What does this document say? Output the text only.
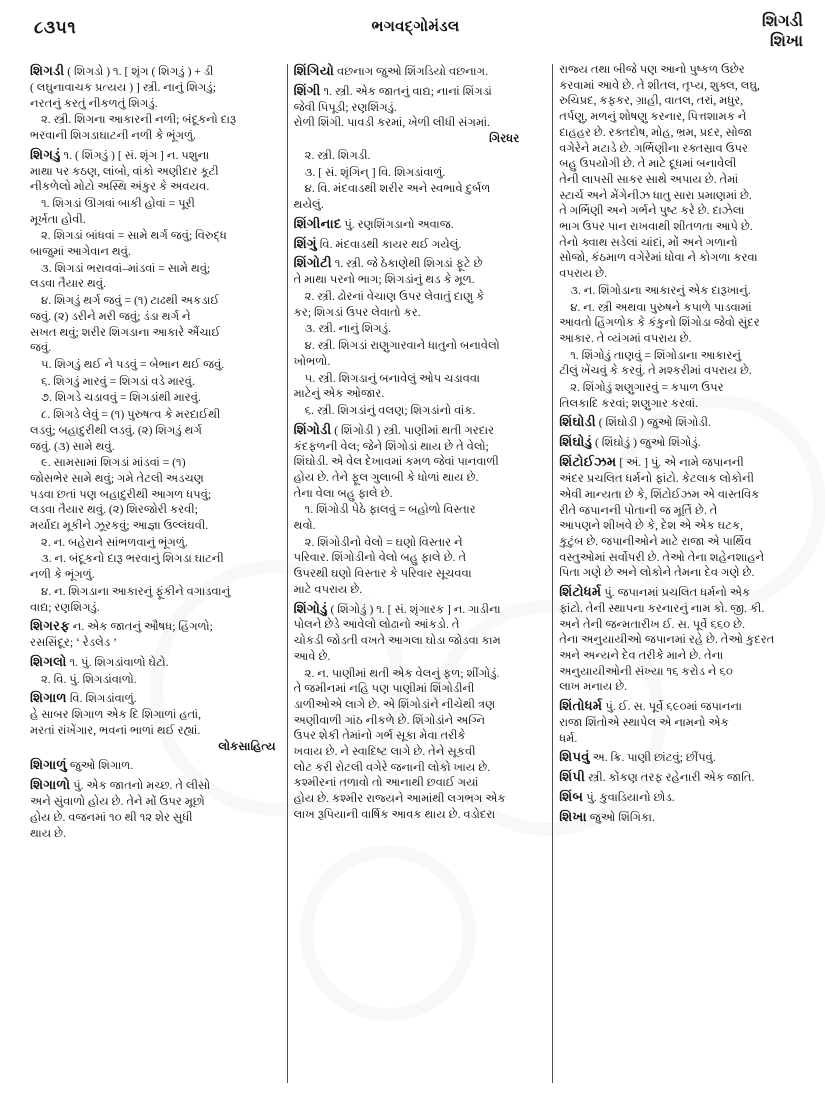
૮૩૫૧	ભગવદ્ગોમંડલ	શિગડી
શિખા
શિગડી ( શિગડો ) ૧. [ શૃંગ ( શિગડું ) + ડી
( લઘુનાવાચક પ્રત્યય ) ] સ્ત્રી. નાનું શિગડું;
નરતનું કરતું નીકળતું શિગડું.
૨. સ્ત્રી. શિગના આકારની નળી; બંદૂકનો દારૂ
ભરવાની શિગડાઘાટની નળી કે ભૂંગળું.
શિગડું ૧. ( શિંગડું ) [ સં. શૃંગ ] ન. પશુના
માથા પર કઠણ, લાંબો, વાંકો અણીદાર કૂટી
નીકળેલો મોટો અસ્થિ અંકુર કે અવયવ.
૧. શિગડાં ઊગવાં બાકી હોવાં = પૂરી
મૂર્ખતા હોવી.
૨. શિગડાં બાંધવાં = સામે થર્ગ જવું; વિરુદ્ધ
બાજુમાં આગેવાન થવું.
૩. શિગડાં ભરાવવાં–માંડવાં = સામે થવું;
લડવા તૈયાર થવું.
૪. શિગડું થર્ગ જવું = (૧) ટાઢથી અકડાઈ
જવું. (૨) ડરીને મરી જવું; ડંડા થર્ગ ને
સખત થવું; શરીર શિગડાના આકારે ઐંચાઈ
જવું.
૫. શિગડું થઈ ને પડવું = બેભાન થઈ જવું.
૬. શિગડું મારવું = શિગડાં વડે મારવું.
૭. શિગડે ચડાવવું = શિગડાંથી મારવું.
૮. શિગડે લેવું = (૧) પુરુષત્વ કે મરદાઈથી
લડવું; બહાદુરીથી લડવું. (૨) શિગડું થર્ગ
જવું. (૩) સામે થવું.
૯. સામસામાં શિગડાં માંડવાં = (૧)
જોસભેર સામે થવું; ગમે તેટલી અડચણ
પડવા છતાં પણ બહાદુરીથી આગળ ધપવું;
લડવા તૈયાર થવું. (૨) શિરજોરી કરવી;
મર્યાદા મૂકીને ઝૂરકવું; આજ્ઞા ઉલ્લંઘવી.
૨. ન. બહેરાને સાંભળવાનું ભૂંગળું.
૩. ન. બંદૂકનો દારૂ ભરવાનું શિગડા ઘાટની
નળી કે ભૂંગળું.
૪. ન. શિગડાના આકારનું ફૂંકીને વગાડવાનું
વાદ્ય; રણશિગડું.
શિગરફ ન. એક જાતનું ઔષધ; હિંગળો;
રસસિંદૂર; ‘ રેડલેડ ’
શિગલો ૧. પું. શિગડાંવાળો ઘેટો.
૨. વિ. પું. શિગડાંવાળો.
શિગાળ વિ. શિગડાંવાળું.
હે સાબર શિગાળ એક દિ શિગાળાં હતાં,
મરતાં રાંખેંગાર, ભવનાં ભાળાં થઈ રહ્યાં.
લોકસાહિત્ય
શિગાળું જુઓ શિગાળ.
શિગાળો પું. એક જાતનો મચ્છ. તે લીસો
અને સુંવાળો હોય છે. તેને મોં ઉપર મૂછો
હોય છે. વજનમાં ૧૦ થી ૧૨ શેર સુધી
થાય છે.
શિંગિયો વછનાગ જુઓ શિંગડિયો વછનાગ.
શિંગી ૧. સ્ત્રી. એક જાતનું વાદ્ય; નાનાં શિંગડાં
જેવી પિપૂડી; રણશિંગડું.
રોળી શિંગી. પાવડી કરમાં, ખેળી લીધી સંગમાં.
ગિરધર
૨. સ્ત્રી. શિગડી.
૩. [ સં. શૃંગિન્ ] વિ. શિગડાંવાળું.
૪. વિ. મંદવાડથી શરીર અને સ્વભાવે દુર્બળ
થયેલું.
શિંગીનાદ પું. રણશિંગડાનો અવાજ.
શિંગું વિ. મંદવાડથી કાયર થઈ ગયેલું.
શિંગોટી ૧. સ્ત્રી. જે ઠેકાણેથી શિગડાં ફૂટે છે
તે માથા પરનો ભાગ; શિગડાંનું થડ કે મૂળ.
૨. સ્ત્રી. ઢોરનાં વેચાણ ઉપર લેવાતું દાણુ કે
કર; શિગડાં ઉપર લેવાતો કર.
૩. સ્ત્રી. નાનું શિગડું.
૪. સ્ત્રી. શિગડાં રાણુગારવાને ધાતુનો બનાવેલો
ખોભળો.
૫. સ્ત્રી. શિગડાનું બનાવેલું ઓપ ચડાવવા
માટેનું એક ઓજાર.
૬. સ્ત્રી. શિગડાંનું વલણ; શિગડાંનો વાંક.
શિંગોડી ( શિંગોડી ) સ્ત્રી. પાણીમાં થતી ગરદાર
કંદફળની વેલ; જેને શિંગોડાં થાય છે તે વેલો;
શિંઘોડી. એ વેલ દેખાવમાં કમળ જેવાં પાનવાળી
હોય છે. તેને ફૂલ ગુલાબી કે ધોળાં થાય છે.
તેના વેલા બહુ ફાલે છે.
૧. શિંગોડી પેઠે ફાલવું = બહોળો વિસ્તાર
થવો.
૨. શિંગોડીનો વેલો = ઘણો વિસ્તાર ને
પરિવાર. શિંગોડીનો વેલો બહુ ફાલે છે. તે
ઉપરથી ઘણો વિસ્તાર કે પરિવાર સૂચવવા
માટે વપરાય છે.
શિંગોડું ( શિંગોડું ) ૧. [ સં. શૃંગારક ] ન. ગાડીના
પોલને છેડે આવેલો લોઢાનો આંકડો. તે
ચોકડી જોડતી વખતે આગલા ઘોડા જોડવા કામ
આવે છે.
૨. ન. પાણીમાં થતી એક વેલનું ફળ; શીંગોડું.
તે જમીનમાં નહિ પણ પાણીમાં શિંગોડીની
ડાળીઓએ લાગે છે. એ શિંગોડાંને નીચેથી ત્રણ
અણીવાળી ગાંઠ નીકળે છે. શિંગોડાંને અગ્નિ
ઉપર શેકી તેમાંનો ગર્ભ સૂકા મેવા તરીકે
ખવાય છે. ને સ્વાદિષ્ટ લાગે છે. તેને સૂકવી
લોટ કરી રોટલી વગેરે જનાની લોકો ખાય છે.
કશ્મીરનાં તળાવો તો આનાથી છવાઈ ગયાં
હોય છે. કશ્મીર રાજ્યને આમાંથી લગભગ એક
લાખ રૂપિયાની વાર્ષિક આવક થાય છે. વડોદરા
રાજ્ય તથા બીજે પણ આનો પુષ્કળ ઉછેર
કરવામાં આવે છે. તે શીતલ, તૃપ્ય, શુક્લ, લઘુ,
રુચિપ્રદ, કફકર, ગ્રાહી, વાતલ, તરાં, મધુર,
તર્પણુ, મળનું શોષણુ કરનાર, પિત્તશામક ને
દાહહર છે. રક્તદોષ, મોહ, ભ્રમ, પ્રદર, સોજા
વગેરેને મટાડે છે. ગર્ભિણીના રક્તસ્રાવ ઉપર
બહુ ઉપયોગી છે. તે માટે દૂધમાં બનાવેલી
તેની લાપસી સાકર સાથે અપાય છે. તેમાં
સ્ટાર્ચ અને મેંગેનીઝ ધાતુ સારા પ્રમાણમાં છે.
તે ગર્ભિણી અને ગર્ભને પુષ્ટ કરે છે. દાઝેલા
ભાગ ઉપર પાન રાખવાથી શીતળતા આપે છે.
તેનો ક્વાથ સડેલાં ચાંદાં, મોં અને ગળાનો
સોજો, કંઠમાળ વગેરેમાં ધોવા ને કોગળા કરવા
વપરાય છે.
૩. ન. શિંગોડાના આકારનું એક દારૂખાનું.
૪. ન. સ્ત્રી અથવા પુરુષને કપાળે પાડવામાં
આવતો હિંગળોક કે કંકુનો શિંગોડા જેવો સુંદર
આકાર. તે વ્યંગમાં વપરાય છે.
૧. શિંગોડું તાણવું = શિંગોડાના આકારનું
ટીલું ખેંચવું કે કરવું. તે મશ્કરીમાં વપરાય છે.
૨. શિંગોડું શણુગારવું = કપાળ ઉપર
તિલકાદિ કરવાં; શણુગાર કરવાં.
શિંઘોડી ( શિંઘોડી ) જુઓ શિંગોડી.
શિંઘોડું ( શિંઘોડું ) જુઓ શિંગોડું.
શિંટોઈઝમ [ અં. ] પું. એ નામે જપાનની
અંદર પ્રચલિત ધર્મનો ફાંટો. કેટલાક લોકોની
એવી માન્યતા છે કે, શિંટોઈઝમ એ વાસ્તવિક
રીતે જપાનની પોતાની જ મૂર્તિ છે. તે
આપણને શીખવે છે કે, દેશ એ એક ઘટક,
કુટુંબ છે. જપાનીઓને માટે રાજા એ પાર્થિવ
વસ્તુઓમાં સર્વોપરી છે. તેઓ તેના શહેનશાહને
પિતા ગણે છે અને લોકોને તેમના દેવ ગણે છે.
શિંટોધર્મ પું. જપાનમાં પ્રચલિત ધર્મનો એક
ફાંટો. તેની સ્થાપના કરનારનું નામ કો. જી. કી.
અને તેની જન્મતારીખ ઈ. સ. પૂર્વે ૬૬૦ છે.
તેના અનુયાયીઓ જપાનમાં રહે છે. તેઓ કુદરત
અને અન્યને દેવ તરીકે માને છે. તેના
અનુયાયીઓની સંખ્યા ૧૬ કરોડ ને ૬૦
લાખ મનાય છે.
શિંતોધર્મ પું. ઈ. સ. પૂર્વે ૬૯૦માં જપાનના
રાજા શિંતોએ સ્થાપેલ એ નામનો એક
ધર્મ.
શિપવું અ. ક્રિ. પાણી છાંટવું; છીંપવું.
શિંપી સ્ત્રી. કોંકણ તરફ રહેનારી એક જાતિ.
શિંબ પું. કુવાડિયાનો છોડ.
શિખા જુઓ શિંગિકા.
